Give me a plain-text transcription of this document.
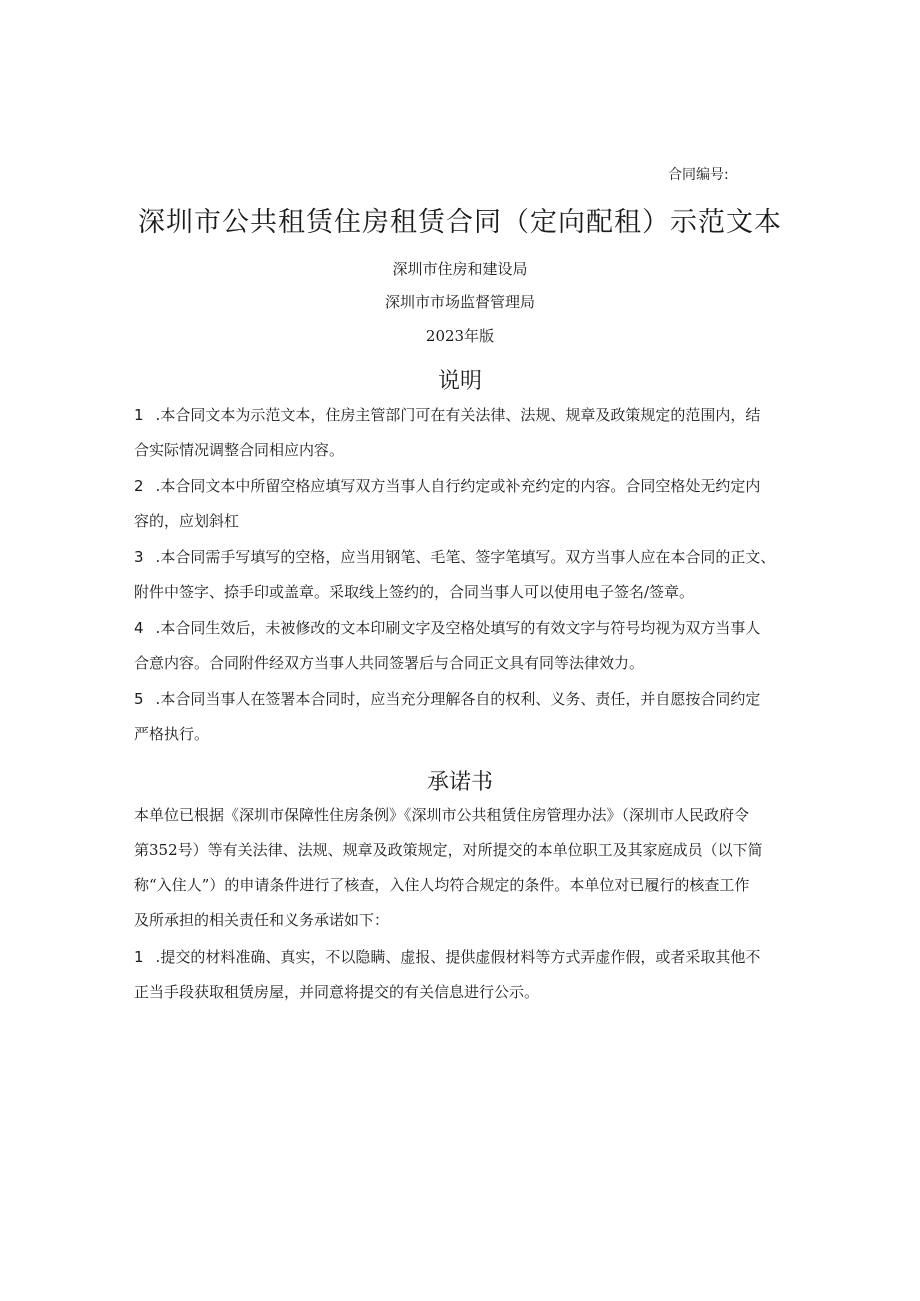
合同编号:
深圳市公共租赁住房租赁合同（定向配租）示范文本
深圳市住房和建设局
深圳市市场监督管理局
2023年版
说明
1 .本合同文本为示范文本，住房主管部门可在有关法律、法规、规章及政策规定的范围内，结
合实际情况调整合同相应内容。
2 .本合同文本中所留空格应填写双方当事人自行约定或补充约定的内容。合同空格处无约定内
容的，应划斜杠
3 .本合同需手写填写的空格，应当用钢笔、毛笔、签字笔填写。双方当事人应在本合同的正文、
附件中签字、捺手印或盖章。采取线上签约的，合同当事人可以使用电子签名/签章。
4 .本合同生效后，未被修改的文本印刷文字及空格处填写的有效文字与符号均视为双方当事人
合意内容。合同附件经双方当事人共同签署后与合同正文具有同等法律效力。
5 .本合同当事人在签署本合同时，应当充分理解各自的权利、义务、责任，并自愿按合同约定
严格执行。
承诺书
本单位已根据《深圳市保障性住房条例》《深圳市公共租赁住房管理办法》（深圳市人民政府令
第352号）等有关法律、法规、规章及政策规定，对所提交的本单位职工及其家庭成员（以下简
称“入住人”）的申请条件进行了核查，入住人均符合规定的条件。本单位对已履行的核查工作
及所承担的相关责任和义务承诺如下：
1 .提交的材料准确、真实，不以隐瞒、虚报、提供虚假材料等方式弄虚作假，或者采取其他不
正当手段获取租赁房屋，并同意将提交的有关信息进行公示。
